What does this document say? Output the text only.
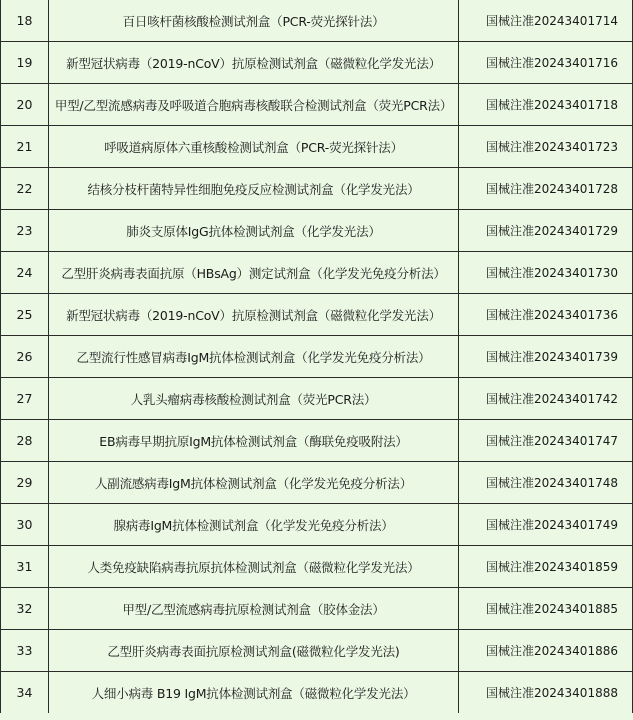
18	百日咳杆菌核酸检测试剂盒（PCR-荧光探针法）	国械注准20243401714
19	新型冠状病毒（2019-nCoV）抗原检测试剂盒（磁微粒化学发光法）	国械注准20243401716
20	甲型/乙型流感病毒及呼吸道合胞病毒核酸联合检测试剂盒（荧光PCR法）	国械注准20243401718
21	呼吸道病原体六重核酸检测试剂盒（PCR-荧光探针法）	国械注准20243401723
22	结核分枝杆菌特异性细胞免疫反应检测试剂盒（化学发光法）	国械注准20243401728
23	肺炎支原体IgG抗体检测试剂盒（化学发光法）	国械注准20243401729
24	乙型肝炎病毒表面抗原（HBsAg）测定试剂盒（化学发光免疫分析法）	国械注准20243401730
25	新型冠状病毒（2019-nCoV）抗原检测试剂盒（磁微粒化学发光法）	国械注准20243401736
26	乙型流行性感冒病毒IgM抗体检测试剂盒（化学发光免疫分析法）	国械注准20243401739
27	人乳头瘤病毒核酸检测试剂盒（荧光PCR法）	国械注准20243401742
28	EB病毒早期抗原IgM抗体检测试剂盒（酶联免疫吸附法）	国械注准20243401747
29	人副流感病毒IgM抗体检测试剂盒（化学发光免疫分析法）	国械注准20243401748
30	腺病毒IgM抗体检测试剂盒（化学发光免疫分析法）	国械注准20243401749
31	人类免疫缺陷病毒抗原抗体检测试剂盒（磁微粒化学发光法）	国械注准20243401859
32	甲型/乙型流感病毒抗原检测试剂盒（胶体金法）	国械注准20243401885
33	乙型肝炎病毒表面抗原检测试剂盒(磁微粒化学发光法)	国械注准20243401886
34	人细小病毒 B19 IgM抗体检测试剂盒（磁微粒化学发光法）	国械注准20243401888
